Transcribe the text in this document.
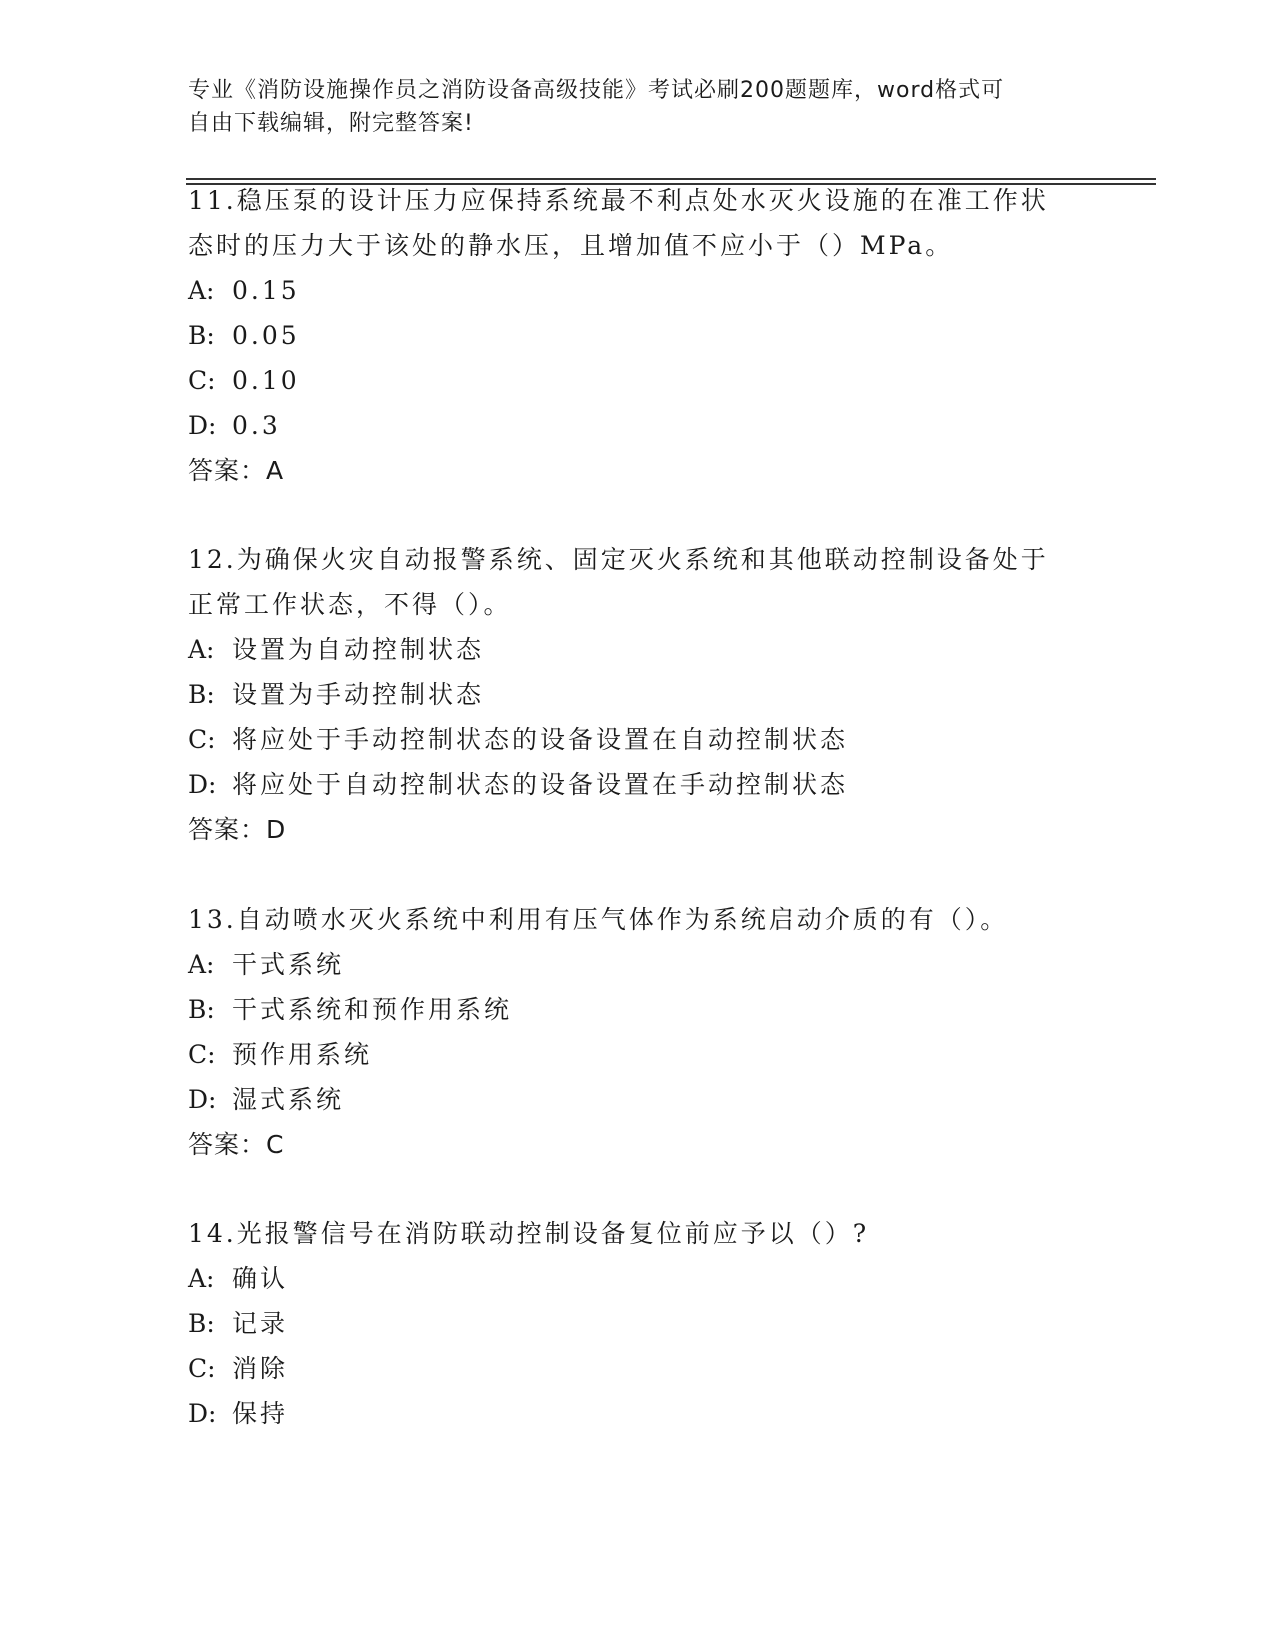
专业《消防设施操作员之消防设备高级技能》考试必刷200题题库，word格式可
自由下载编辑，附完整答案!
11.稳压泵的设计压力应保持系统最不利点处水灭火设施的在准工作状
态时的压力大于该处的静水压，且增加值不应小于（）MPa。
A: 0.15
B: 0.05
C: 0.10
D: 0.3
答案：A
12.为确保火灾自动报警系统、固定灭火系统和其他联动控制设备处于
正常工作状态，不得（）。
A: 设置为自动控制状态
B: 设置为手动控制状态
C: 将应处于手动控制状态的设备设置在自动控制状态
D: 将应处于自动控制状态的设备设置在手动控制状态
答案：D
13.自动喷水灭火系统中利用有压气体作为系统启动介质的有（）。
A: 干式系统
B: 干式系统和预作用系统
C: 预作用系统
D: 湿式系统
答案：C
14.光报警信号在消防联动控制设备复位前应予以（）?
A: 确认
B: 记录
C: 消除
D: 保持
